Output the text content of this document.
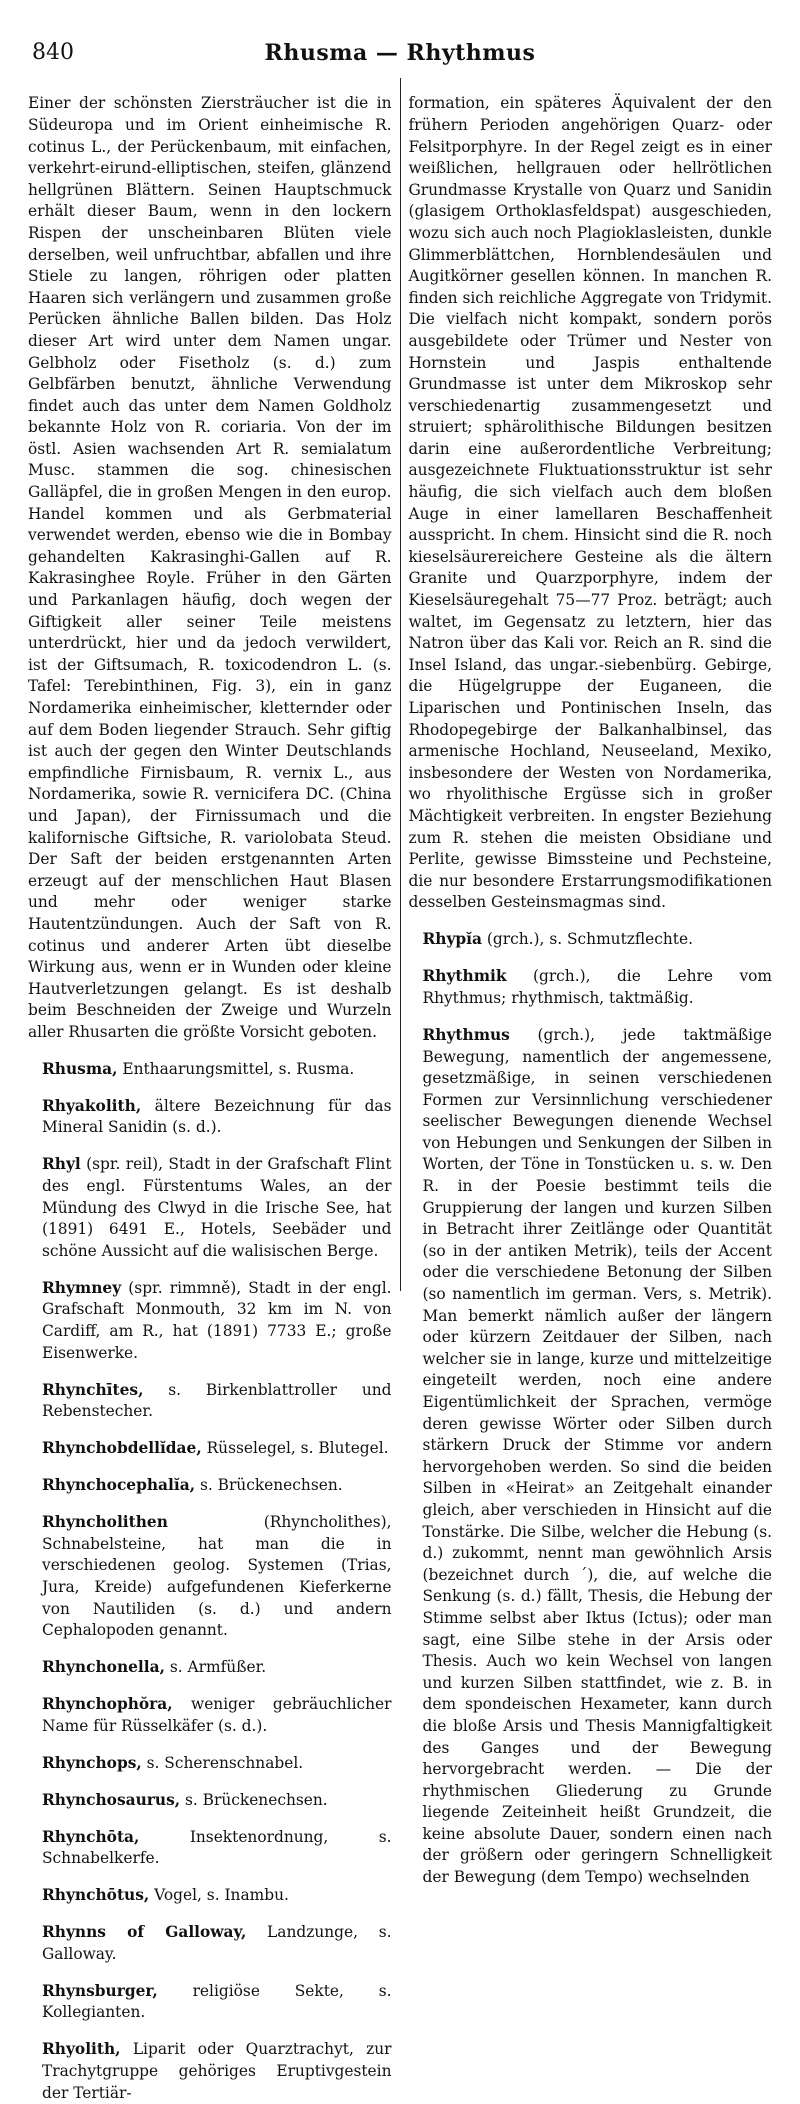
840	Rhusma — Rhythmus

Einer der schönsten Ziersträucher ist die in Südeuropa und im Orient einheimische R. cotinus L., der Perückenbaum, mit einfachen, verkehrt-eirund-elliptischen, steifen, glänzend hellgrünen Blättern. Seinen Hauptschmuck erhält dieser Baum, wenn in den lockern Rispen der unscheinbaren Blüten viele derselben, weil unfruchtbar, abfallen und ihre Stiele zu langen, röhrigen oder platten Haaren sich verlängern und zusammen große Perücken ähnliche Ballen bilden. Das Holz dieser Art wird unter dem Namen ungar. Gelbholz oder Fisetholz (s. d.) zum Gelbfärben benutzt, ähnliche Verwendung findet auch das unter dem Namen Goldholz bekannte Holz von R. coriaria. Von der im östl. Asien wachsenden Art R. semialatum Musc. stammen die sog. chinesischen Galläpfel, die in großen Mengen in den europ. Handel kommen und als Gerbmaterial verwendet werden, ebenso wie die in Bombay gehandelten Kakrasinghi-Gallen auf R. Kakrasinghee Royle. Früher in den Gärten und Parkanlagen häufig, doch wegen der Giftigkeit aller seiner Teile meistens unterdrückt, hier und da jedoch verwildert, ist der Giftsumach, R. toxicodendron L. (s. Tafel: Terebinthinen, Fig. 3), ein in ganz Nordamerika einheimischer, kletternder oder auf dem Boden liegender Strauch. Sehr giftig ist auch der gegen den Winter Deutschlands empfindliche Firnisbaum, R. vernix L., aus Nordamerika, sowie R. vernicifera DC. (China und Japan), der Firnissumach und die kalifornische Giftsiche, R. variolobata Steud. Der Saft der beiden erstgenannten Arten erzeugt auf der menschlichen Haut Blasen und mehr oder weniger starke Hautentzündungen. Auch der Saft von R. cotinus und anderer Arten übt dieselbe Wirkung aus, wenn er in Wunden oder kleine Hautverletzungen gelangt. Es ist deshalb beim Beschneiden der Zweige und Wurzeln aller Rhusarten die größte Vorsicht geboten.

Rhusma, Enthaarungsmittel, s. Rusma.

Rhyakolith, ältere Bezeichnung für das Mineral Sanidin (s. d.).

Rhyl (spr. reil), Stadt in der Grafschaft Flint des engl. Fürstentums Wales, an der Mündung des Clwyd in die Irische See, hat (1891) 6491 E., Hotels, Seebäder und schöne Aussicht auf die walisischen Berge.

Rhymney (spr. rimmně), Stadt in der engl. Grafschaft Monmouth, 32 km im N. von Cardiff, am R., hat (1891) 7733 E.; große Eisenwerke.

Rhynchītes, s. Birkenblattroller und Rebenstecher.

Rhynchobdellĭdae, Rüsselegel, s. Blutegel.

Rhynchocephalĭa, s. Brückenechsen.

Rhyncholithen (Rhyncholithes), Schnabelsteine, hat man die in verschiedenen geolog. Systemen (Trias, Jura, Kreide) aufgefundenen Kieferkerne von Nautiliden (s. d.) und andern Cephalopoden genannt.

Rhynchonella, s. Armfüßer.

Rhynchophŏra, weniger gebräuchlicher Name für Rüsselkäfer (s. d.).

Rhynchops, s. Scherenschnabel.

Rhynchosaurus, s. Brückenechsen.

Rhynchōta, Insektenordnung, s. Schnabelkerfe.

Rhynchōtus, Vogel, s. Inambu.

Rhynns of Galloway, Landzunge, s. Galloway.

Rhynsburger, religiöse Sekte, s. Kollegianten.

Rhyolith, Liparit oder Quarztrachyt, zur Trachytgruppe gehöriges Eruptivgestein der Tertiär-

formation, ein späteres Äquivalent der den frühern Perioden angehörigen Quarz- oder Felsitporphyre. In der Regel zeigt es in einer weißlichen, hellgrauen oder hellrötlichen Grundmasse Krystalle von Quarz und Sanidin (glasigem Orthoklasfeldspat) ausgeschieden, wozu sich auch noch Plagioklasleisten, dunkle Glimmerblättchen, Hornblendesäulen und Augitkörner gesellen können. In manchen R. finden sich reichliche Aggregate von Tridymit. Die vielfach nicht kompakt, sondern porös ausgebildete oder Trümer und Nester von Hornstein und Jaspis enthaltende Grundmasse ist unter dem Mikroskop sehr verschiedenartig zusammengesetzt und struiert; sphärolithische Bildungen besitzen darin eine außerordentliche Verbreitung; ausgezeichnete Fluktuationsstruktur ist sehr häufig, die sich vielfach auch dem bloßen Auge in einer lamellaren Beschaffenheit ausspricht. In chem. Hinsicht sind die R. noch kieselsäurereichere Gesteine als die ältern Granite und Quarzporphyre, indem der Kieselsäuregehalt 75—77 Proz. beträgt; auch waltet, im Gegensatz zu letztern, hier das Natron über das Kali vor. Reich an R. sind die Insel Island, das ungar.-siebenbürg. Gebirge, die Hügelgruppe der Euganeen, die Liparischen und Pontinischen Inseln, das Rhodopegebirge der Balkanhalbinsel, das armenische Hochland, Neuseeland, Mexiko, insbesondere der Westen von Nordamerika, wo rhyolithische Ergüsse sich in großer Mächtigkeit verbreiten. In engster Beziehung zum R. stehen die meisten Obsidiane und Perlite, gewisse Bimssteine und Pechsteine, die nur besondere Erstarrungsmodifikationen desselben Gesteinsmagmas sind.

Rhypĭa (grch.), s. Schmutzflechte.

Rhythmik (grch.), die Lehre vom Rhythmus; rhythmisch, taktmäßig.

Rhythmus (grch.), jede taktmäßige Bewegung, namentlich der angemessene, gesetzmäßige, in seinen verschiedenen Formen zur Versinnlichung verschiedener seelischer Bewegungen dienende Wechsel von Hebungen und Senkungen der Silben in Worten, der Töne in Tonstücken u. s. w. Den R. in der Poesie bestimmt teils die Gruppierung der langen und kurzen Silben in Betracht ihrer Zeitlänge oder Quantität (so in der antiken Metrik), teils der Accent oder die verschiedene Betonung der Silben (so namentlich im german. Vers, s. Metrik). Man bemerkt nämlich außer der längern oder kürzern Zeitdauer der Silben, nach welcher sie in lange, kurze und mittelzeitige eingeteilt werden, noch eine andere Eigentümlichkeit der Sprachen, vermöge deren gewisse Wörter oder Silben durch stärkern Druck der Stimme vor andern hervorgehoben werden. So sind die beiden Silben in «Heirat» an Zeitgehalt einander gleich, aber verschieden in Hinsicht auf die Tonstärke. Die Silbe, welcher die Hebung (s. d.) zukommt, nennt man gewöhnlich Arsis (bezeichnet durch ´), die, auf welche die Senkung (s. d.) fällt, Thesis, die Hebung der Stimme selbst aber Iktus (Ictus); oder man sagt, eine Silbe stehe in der Arsis oder Thesis. Auch wo kein Wechsel von langen und kurzen Silben stattfindet, wie z. B. in dem spondeischen Hexameter, kann durch die bloße Arsis und Thesis Mannigfaltigkeit des Ganges und der Bewegung hervorgebracht werden. — Die der rhythmischen Gliederung zu Grunde liegende Zeiteinheit heißt Grundzeit, die keine absolute Dauer, sondern einen nach der größern oder geringern Schnelligkeit der Bewegung (dem Tempo) wechselnden
